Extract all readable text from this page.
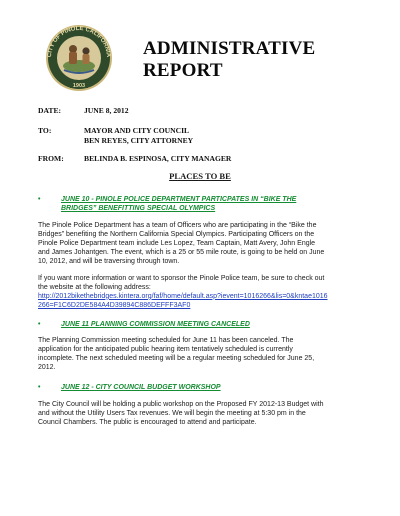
CITY OF PINOLE CALIFORNIA
1903
ADMINISTRATIVE
REPORT
DATE:	JUNE 8, 2012
TO:	MAYOR AND CITY COUNCIL
BEN REYES, CITY ATTORNEY
FROM:	BELINDA B. ESPINOSA, CITY MANAGER
PLACES TO BE
•	JUNE 10 - PINOLE POLICE DEPARTMENT PARTICPATES IN “BIKE THE
BRIDGES” BENEFITTING SPECIAL OLYMPICS
The Pinole Police Department has a team of Officers who are participating in the “Bike the
Bridges” benefiting the Northern California Special Olympics. Participating Officers on the
Pinole Police Department team include Les Lopez, Team Captain, Matt Avery, John Engle
and James Johantgen. The event, which is a 25 or 55 mile route, is going to be held on June
10, 2012, and will be traversing through town.
If you want more information or want to sponsor the Pinole Police team, be sure to check out
the website at the following address:
http://2012bikethebridges.kintera.org/faf/home/default.asp?ievent=1016266&lis=0&kntae1016
266=F1C6D2DE584A4D39894C886DEFFF3AF0
•	JUNE 11 PLANNING COMMISSION MEETING CANCELED
The Planning Commission meeting scheduled for June 11 has been canceled. The
application for the anticipated public hearing item tentatively scheduled is currently
incomplete. The next scheduled meeting will be a regular meeting scheduled for June 25,
2012.
•	JUNE 12 - CITY COUNCIL BUDGET WORKSHOP
The City Council will be holding a public workshop on the Proposed FY 2012-13 Budget with
and without the Utility Users Tax revenues. We will begin the meeting at 5:30 pm in the
Council Chambers. The public is encouraged to attend and participate.
